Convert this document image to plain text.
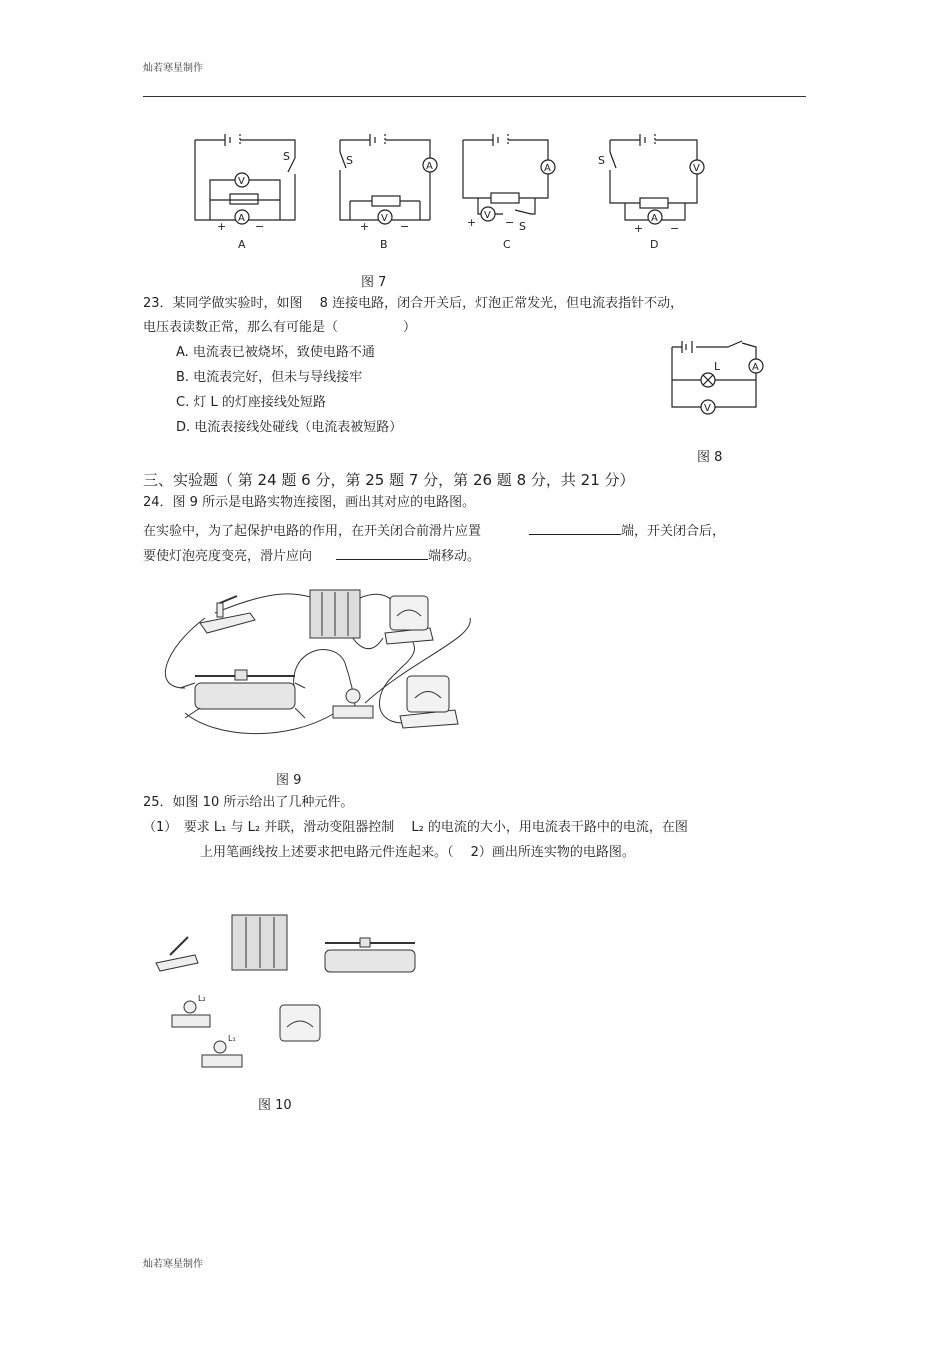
灿若寒星制作
灿若寒星制作
S
V
A
+	−
A
S	A
V
+	−
B
A
V
+	− S
C
S
V
A
+ −
D
图 7
23．某同学做实验时，如图　 8 连接电路，闭合开关后，灯泡正常发光，但电流表指针不动，
电压表读数正常，那么有可能是（　　　　　）
A. 电流表已被烧坏，致使电路不通
B. 电流表完好，但未与导线接牢
C. 灯 L 的灯座接线处短路
D. 电流表接线处碰线（电流表被短路）
A
L
V
图 8
三、实验题（ 第 24 题 6 分，第 25 题 7 分，第 26 题 8 分，共 21 分）
24．图 9 所示是电路实物连接图，画出其对应的电路图。
在实验中，为了起保护电路的作用，在开关闭合前滑片应置	端，开关闭合后，
要使灯泡亮度变亮，滑片应向	端移动。
图 9
25．如图 10 所示给出了几种元件。
（1）　要求 L₁ 与 L₂ 并联，滑动变阻器控制　 L₂ 的电流的大小，用电流表干路中的电流，在图
上用笔画线按上述要求把电路元件连起来。（　 2）画出所连实物的电路图。
L₂
L₁
图 10
